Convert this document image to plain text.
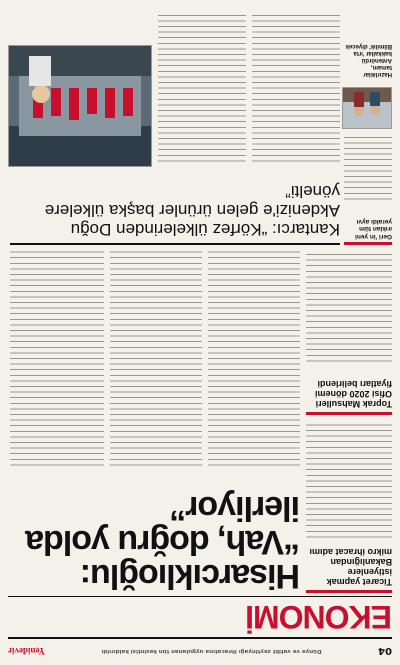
04
Dünya ve vatikt zeytinyağı ihracatına uygulanan tün kesintisi kaldırıldı
Yeniđevir
EKONOMİ
Ticaret yapmak istiyenlere Bakanlığından mikro ihracat adımı
Hisarcıklıoğlu: “Vah, doğru yolda ilerliyor”
Toprak Mahsulleri Ofisi 2020 dönemi fiyatları belirlendi
Kantarcı: “Körfez ülkelerinden Doğu Akdenizi'e gelen ürünler başka ülkelere yönelti”
Geri 'in yeni ırıklan tüm yeraldı ayvı
Hazırlıklar tamam, Antenördü bakkallar 'ırta Bilmilık' diyecek
